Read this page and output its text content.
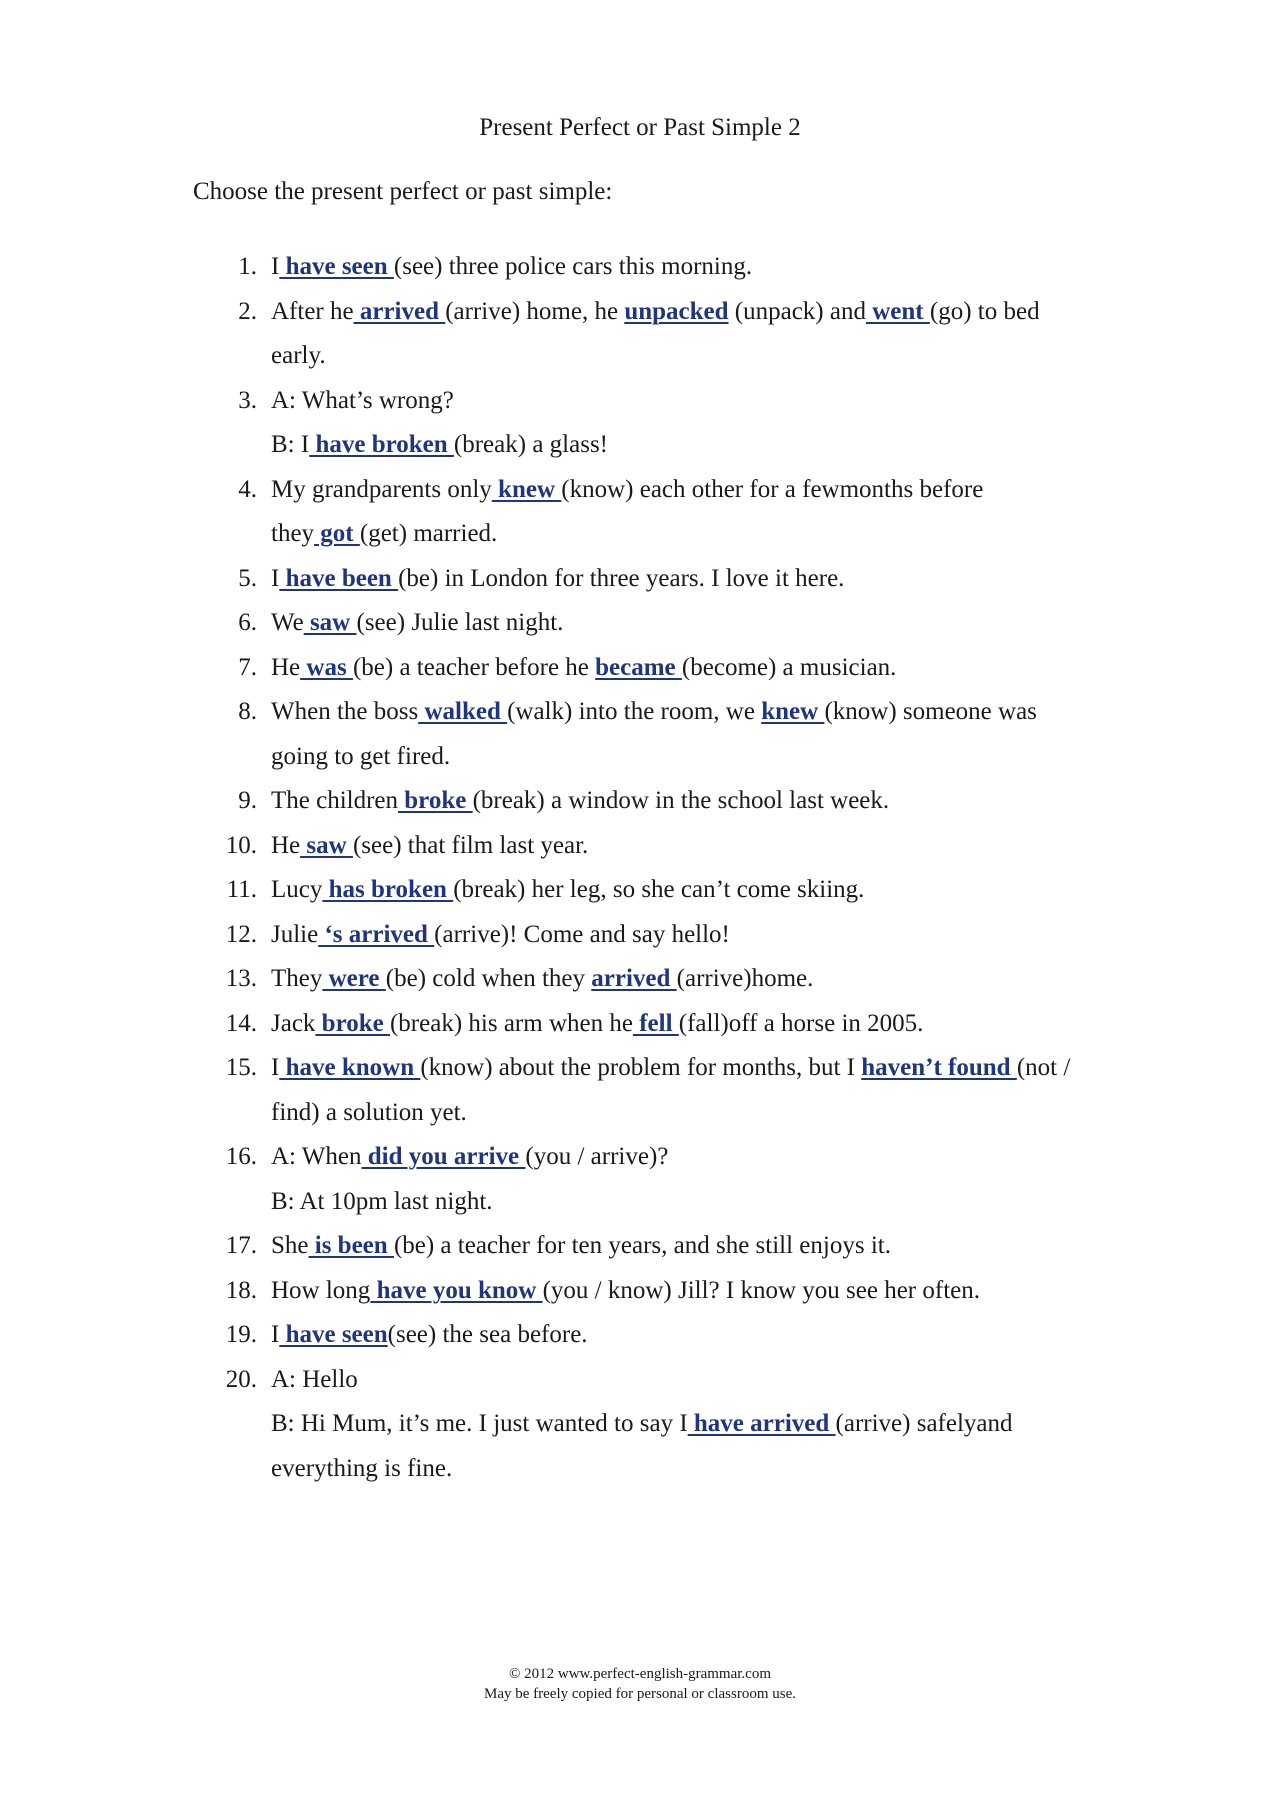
Present Perfect or Past Simple 2
Choose the present perfect or past simple:
1. I have seen (see) three police cars this morning.
2. After he arrived (arrive) home, he unpacked (unpack) and went (go) to bed
early.
3. A: What’s wrong?
B: I have broken (break) a glass!
4. My grandparents only knew (know) each other for a fewmonths before
they got (get) married.
5. I have been (be) in London for three years. I love it here.
6. We saw (see) Julie last night.
7. He was (be) a teacher before he became (become) a musician.
8. When the boss walked (walk) into the room, we knew (know) someone was
going to get fired.
9. The children broke (break) a window in the school last week.
10. He saw (see) that film last year.
11. Lucy has broken (break) her leg, so she can’t come skiing.
12. Julie ‘s arrived (arrive)! Come and say hello!
13. They were (be) cold when they arrived (arrive)home.
14. Jack broke (break) his arm when he fell (fall)off a horse in 2005.
15. I have known (know) about the problem for months, but I haven’t found (not /
find) a solution yet.
16. A: When did you arrive (you / arrive)?
B: At 10pm last night.
17. She is been (be) a teacher for ten years, and she still enjoys it.
18. How long have you know (you / know) Jill? I know you see her often.
19. I have seen(see) the sea before.
20. A: Hello
B: Hi Mum, it’s me. I just wanted to say I have arrived (arrive) safelyand
everything is fine.
© 2012 www.perfect-english-grammar.com
May be freely copied for personal or classroom use.
